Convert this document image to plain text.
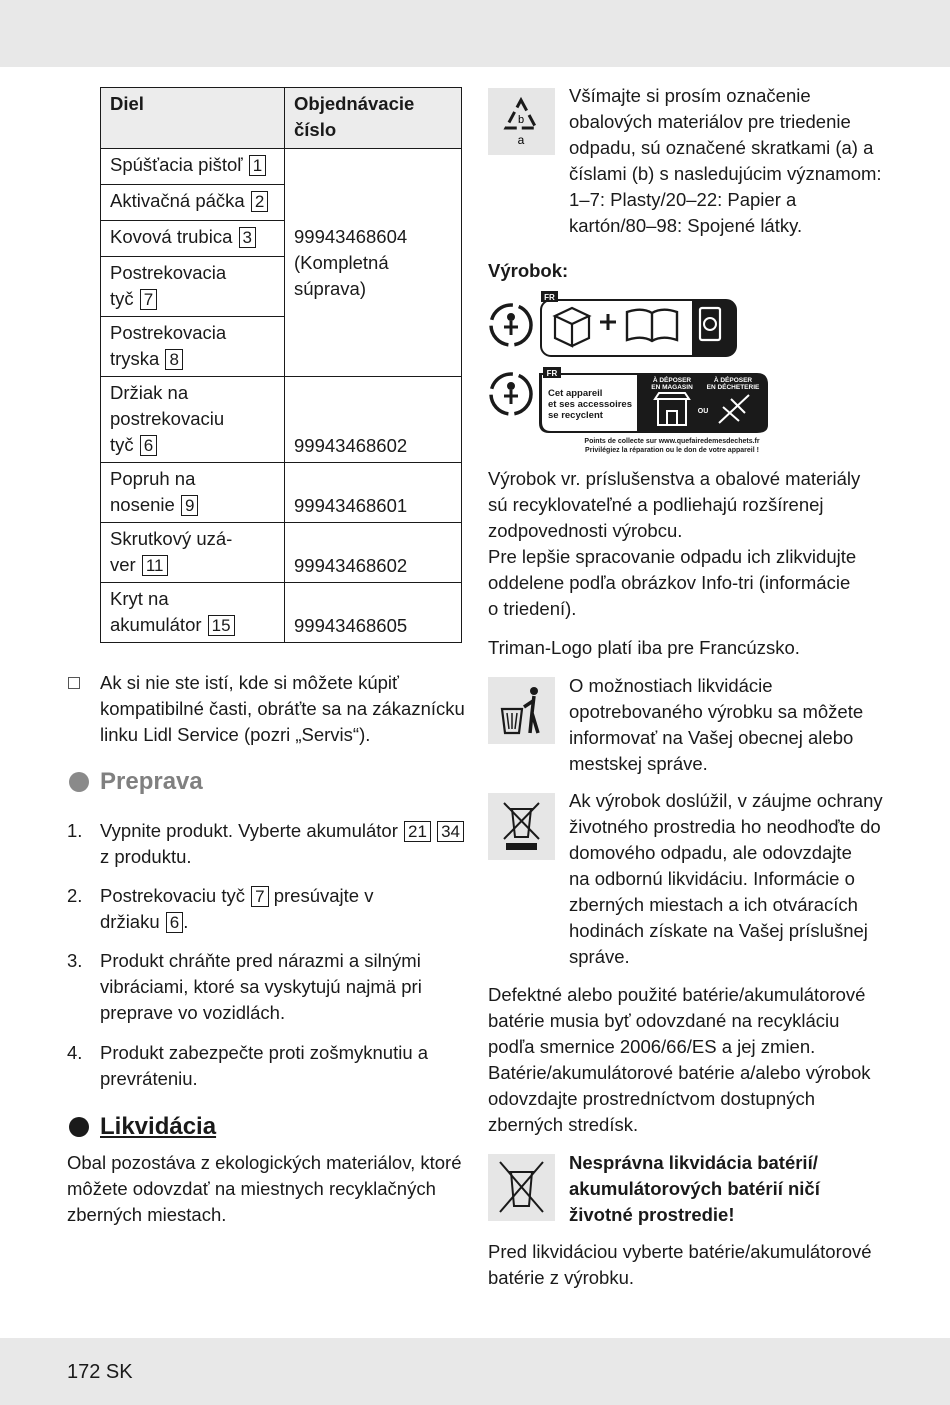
Diel	Objednávacie číslo
Spúšťacia pištoľ 1	99943468604
(Kompletná
súprava)

Aktivačná páčka 2	
Kovová trubica 3	

Postrekovacia
tyč 7	

Postrekovacia
tryska 8	

Držiak na
postrekovaciu
tyč 6	99943468602

Popruh na
nosenie 9	99943468601

Skrutkový uzá-
ver 11	99943468602

Kryt na
akumulátor 15	99943468605
Ak si nie ste istí, kde si môžete kúpiť
kompatibilné časti, obráťte sa na zákaznícku
linku Lidl Service (pozri „Servis“).
Preprava
1. Vypnite produkt. Vyberte akumulátor 21 34
z produktu.
2. Postrekovaciu tyč 7 presúvajte v
držiaku 6 .
3. Produkt chráňte pred nárazmi a silnými
vibráciami, ktoré sa vyskytujú najmä pri
preprave vo vozidlách.
4. Produkt zabezpečte proti zošmyknutiu a
prevráteniu.
Likvidácia
Obal pozostáva z ekologických materiálov, ktoré
môžete odovzdať na miestnych recyklačných
zberných miestach.
b
a
Všímajte si prosím označenie
obalových materiálov pre triedenie
odpadu, sú označené skratkami (a) a
číslami (b) s nasledujúcim významom:
1–7: Plasty/20–22: Papier a
kartón/80–98: Spojené látky.
Výrobok:
FR
FR
Cet appareil
et ses accessoires
se recyclent
À DÉPOSER
EN MAGASIN
À DÉPOSER
EN DÉCHETERIE
OU
Points de collecte sur www.quefairedemesdechets.fr
Privilégiez la réparation ou le don de votre appareil !
Výrobok vr. príslušenstva a obalové materiály
sú recyklovateľné a podliehajú rozšírenej
zodpovednosti výrobcu.
Pre lepšie spracovanie odpadu ich zlikvidujte
oddelene podľa obrázkov Info-tri (informácie
o triedení).
Triman-Logo platí iba pre Francúzsko.
O možnostiach likvidácie
opotrebovaného výrobku sa môžete
informovať na Vašej obecnej alebo
mestskej správe.
Ak výrobok doslúžil, v záujme ochrany
životného prostredia ho neodhoďte do
domového odpadu, ale odovzdajte
na odbornú likvidáciu. Informácie o
zberných miestach a ich otváracích
hodinách získate na Vašej príslušnej
správe.
Defektné alebo použité batérie/akumulátorové
batérie musia byť odovzdané na recykláciu
podľa smernice 2006/66/ES a jej zmien.
Batérie/akumulátorové batérie a/alebo výrobok
odovzdajte prostredníctvom dostupných
zberných stredísk.
Nesprávna likvidácia batérií/
akumulátorových batérií ničí
životné prostredie!
Pred likvidáciou vyberte batérie/akumulátorové
batérie z výrobku.
172 SK
